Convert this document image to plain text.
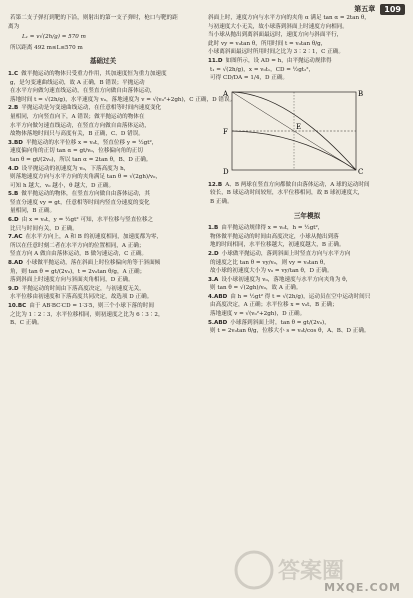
第五章	109
若第二支子弹打到靶的下沿，则射出的第一支子弹时，枪口与靶的距
离为
L₁ = v√(2h/g) = 570 m
所以距离 492 m≤L≤570 m
基础过关
1.C 做平抛运动的物体只受重力作用，其加速度恒为重力加速度
g，是匀变速曲线运动，故 A 正确，B 错误；平抛运动
在水平方向做匀速直线运动，在竖直方向做自由落体运动，
落地时间 t = √(2h/g)，水平速度为 v₀，落地速度为 v = √(v₀²+2gh)，C 正确，D 错误。
2.B 平抛运动是匀变速曲线运动，在任意相等时间内速度变化
量相同，方向竖直向下，A 错误；做平抛运动的物体在
水平方向做匀速直线运动，在竖直方向做自由落体运动，
故物体落地时间只与高度有关，B 正确，C、D 错误。
3.BD 平抛运动的水平位移 x = v₀t，竖直位移 y = ½gt²，
速度偏向角的正切 tan α = gt/v₀，位移偏向角的正切
tan θ = gt/(2v₀)，所以 tan α = 2tan θ，B、D 正确。
4.D 设平抛运动的初速度为 v₀，下落高度为 h，
则落地速度方向与水平方向的夹角满足 tan θ = √(2gh)/v₀，
可知 h 越大、v₀ 越小，θ 越大，D 正确。
5.B 做平抛运动的物体，在竖直方向做自由落体运动，其
竖直分速度 vy = gt，任意相等时间内竖直分速度的变化
量相同，B 正确。
6.D 由 x = v₀t，y = ½gt² 可知，水平位移与竖直位移之
比只与时间有关，D 正确。
7.AC 在水平方向上，A 和 B 的初速度相同，加速度都为零，
所以在任意时刻二者在水平方向的位置相同，A 正确；
竖直方向 A 做自由落体运动，B 做匀速运动，C 正确。
8.AD 小球做平抛运动，落在斜面上时位移偏向角等于斜面倾
角，则 tan θ = gt/(2v₀)，t = 2v₀tan θ/g，A 正确；
落到斜面上时速度方向与斜面夹角相同，D 正确。
9.D 平抛运动的时间由下落高度决定，与初速度无关，
水平位移由初速度和下落高度共同决定，故选项 D 正确。
10.BC 由于 AB∶BC∶CD = 1∶3∶5，则三个小球下落的时间
之比为 1∶2∶3，水平位移相同，则初速度之比为 6∶3∶2，
B、C 正确。
斜面上时，速度方向与水平方向的夹角 α 满足 tan α = 2tan θ，
与初速度大小无关，故小球落到斜面上时速度方向相同。
当小球从抛出到离斜面最远时，速度方向与斜面平行，
此时 vy = v₀tan θ，所用时间 t = v₀tan θ/g，
小球离斜面最远时所用时间之比为 3∶2∶1，C 正确。
11.D 如图所示，设 AD = h，由平抛运动规律得
t₁ = √(2h/g)，x = v₀t₁，CD = ½gt₂²，
可得 CD/DA = 1/4，D 正确。
A	B
C
D
E
F
12.B A、B 两球在竖直方向都做自由落体运动，A 球的运动时间
较长，B 球运动时间较短，水平位移相同，故 B 球初速度大，
B 正确。
三年模拟
1.B 由平抛运动规律得 x = v₀t，h = ½gt²，
物体做平抛运动的时间由高度决定，小球从抛出到落
地的时间相同，水平位移越大，初速度越大，B 正确。
2.D 小球做平抛运动，落到斜面上时竖直方向与水平方向
的速度之比 tan θ = vy/v₀，则 vy = v₀tan θ，
故小球的初速度大小为 v₀ = vy/tan θ，D 正确。
3.A 设小球初速度为 v₀，落地速度与水平方向夹角为 θ，
则 tan θ = √(2gh)/v₀，故 A 正确。
4.ABD 由 h = ½gt² 得 t = √(2h/g)，运动员在空中运动时间只
由高度决定，A 正确；水平位移 x = v₀t，B 正确；
落地速度 v = √(v₀²+2gh)，D 正确。
5.ABD 小球落到斜面上时，tan θ = gt/(2v₀)，
则 t = 2v₀tan θ/g，位移大小 s = v₀t/cos θ，A、B、D 正确。
答案圈
MXQE.COM
